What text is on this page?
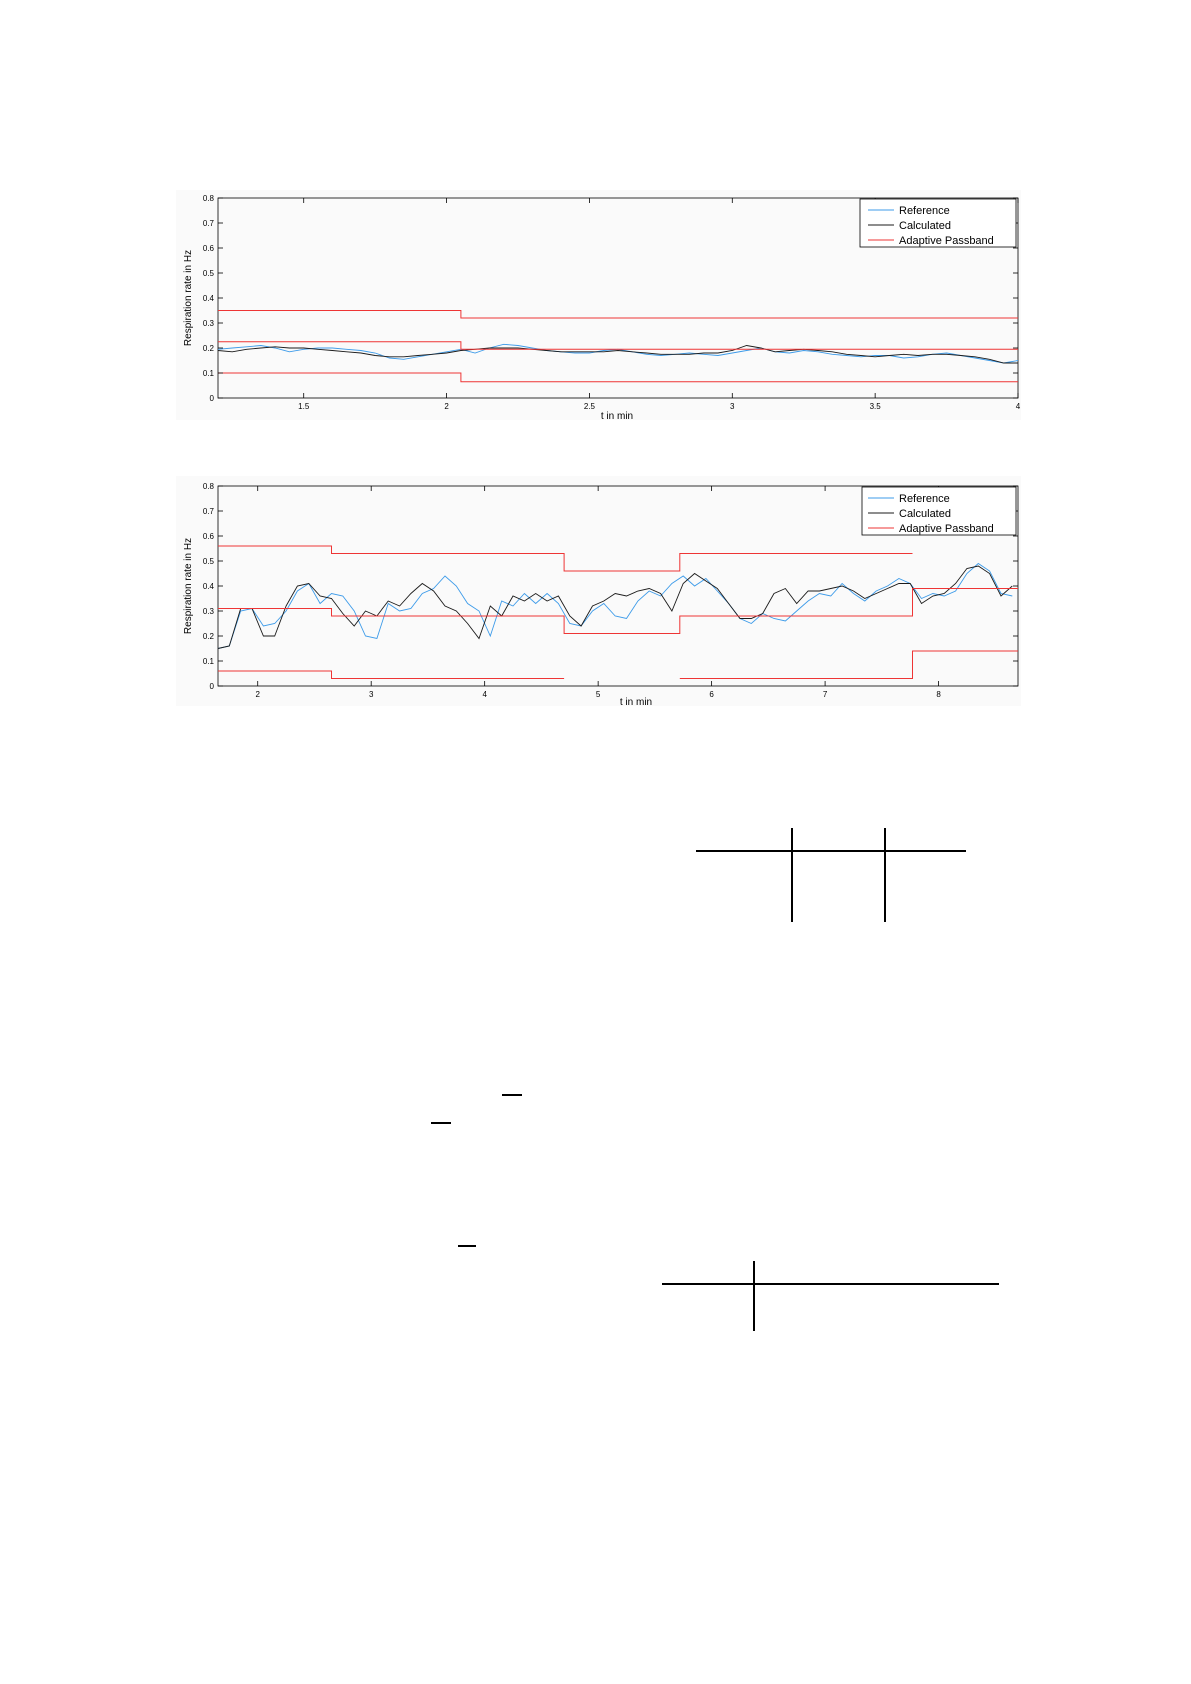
0
0.1
0.2
0.3
0.4
0.5
0.6
0.7
0.8
1.5	2	2.5	3	3.5	4
Respiration rate in Hz
t in min
Reference
Calculated
Adaptive Passband
0
0.1
0.2
0.3
0.4
0.5
0.6
0.7
0.8
2	3	4	5	6	7	8
Respiration rate in Hz
t in min
Reference
Calculated
Adaptive Passband
